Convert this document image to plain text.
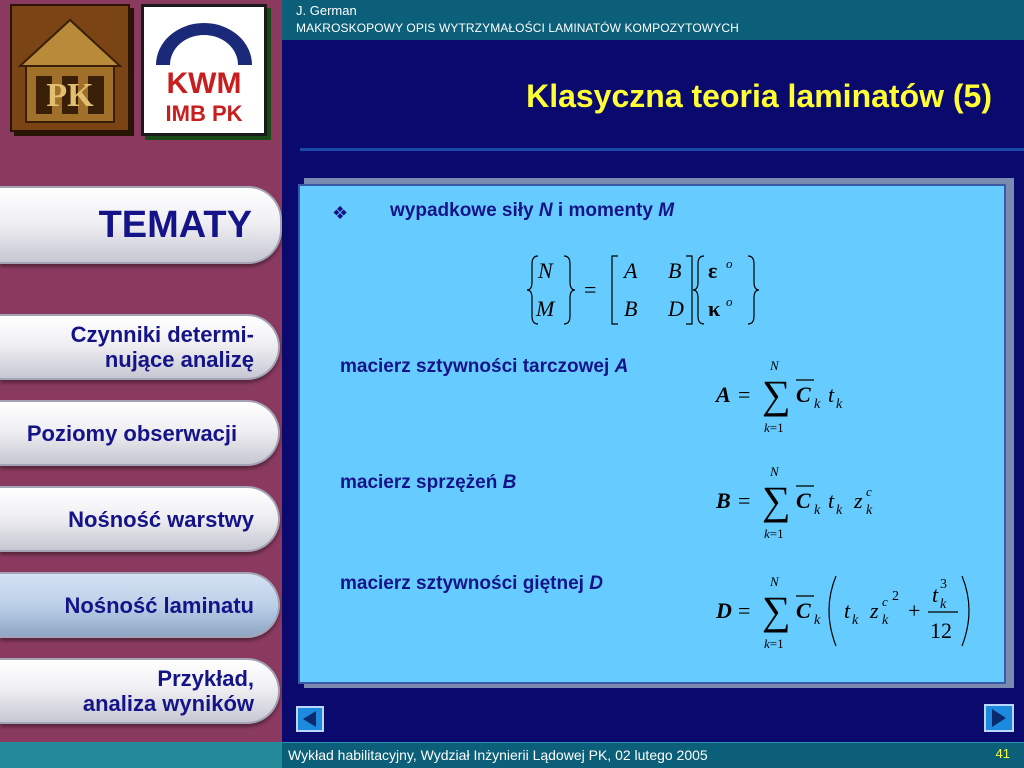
PK KWM
IMB PK
TEMATY
Czynniki determi-
nujące analizę
Poziomy obserwacji
Nośność warstwy
Nośność laminatu
Przykład,
analiza wyników
J. German
MAKROSKOPOWY OPIS WYTRZYMAŁOŚCI LAMINATÓW KOMPOZYTOWYCH
Klasyczna teoria laminatów (5)
❖ wypadkowe siły N i momenty M
N
M
A B
B D
=
ε
κ
o
o
macierz sztywności tarczowej A
A = ∑
N
k=1
C k t k
macierz sprzężeń B
B = ∑
N
k=1
C k t k z c
k
macierz sztywności giętnej D
D = ∑
N
k=1
C k t k z c
k
2
+
t 3
k
12
Wykład habilitacyjny, Wydział Inżynierii Lądowej PK, 02 lutego 2005	41
